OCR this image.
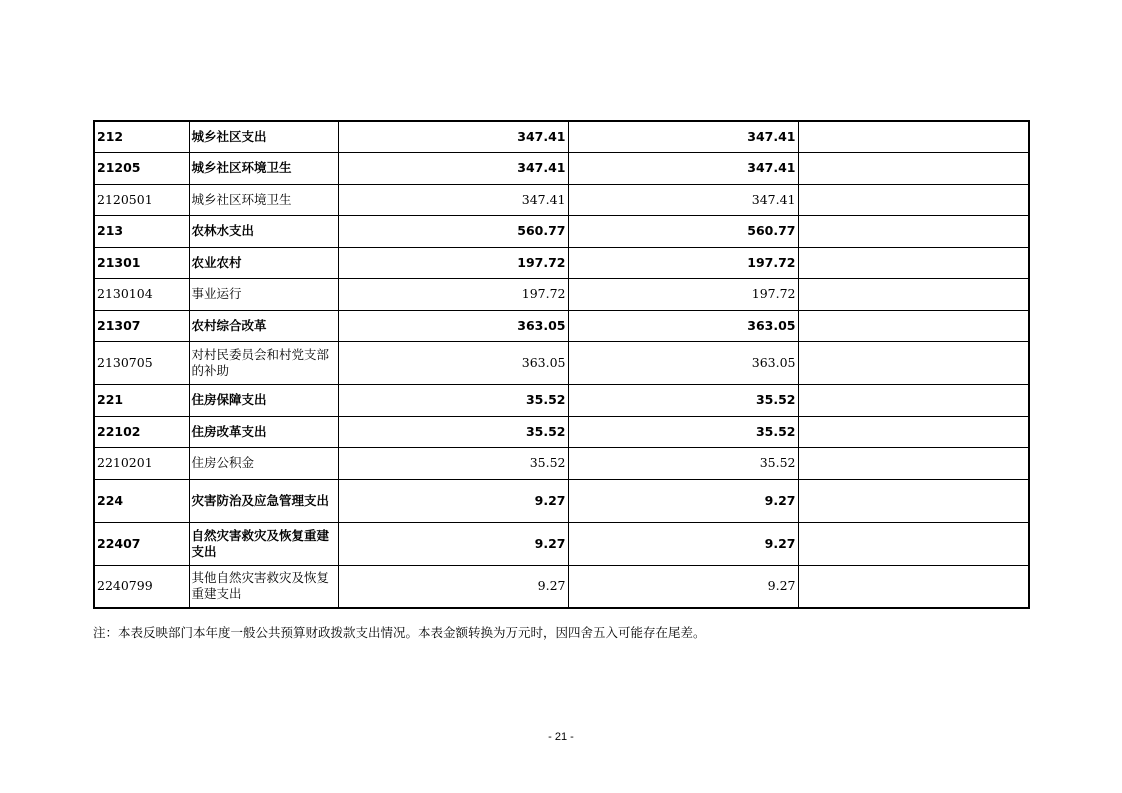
212	城乡社区支出	347.41	347.41	
21205	城乡社区环境卫生	347.41	347.41	
2120501	城乡社区环境卫生	347.41	347.41	
213	农林水支出	560.77	560.77	
21301	农业农村	197.72	197.72	
2130104	事业运行	197.72	197.72	
21307	农村综合改革	363.05	363.05	
2130705	对村民委员会和村党支部的补助	363.05	363.05	
221	住房保障支出	35.52	35.52	
22102	住房改革支出	35.52	35.52	
2210201	住房公积金	35.52	35.52	
224	灾害防治及应急管理支出	9.27	9.27	
22407	自然灾害救灾及恢复重建支出	9.27	9.27	
2240799	其他自然灾害救灾及恢复重建支出	9.27	9.27	
注：本表反映部门本年度一般公共预算财政拨款支出情况。本表金额转换为万元时，因四舍五入可能存在尾差。
- 21 -
